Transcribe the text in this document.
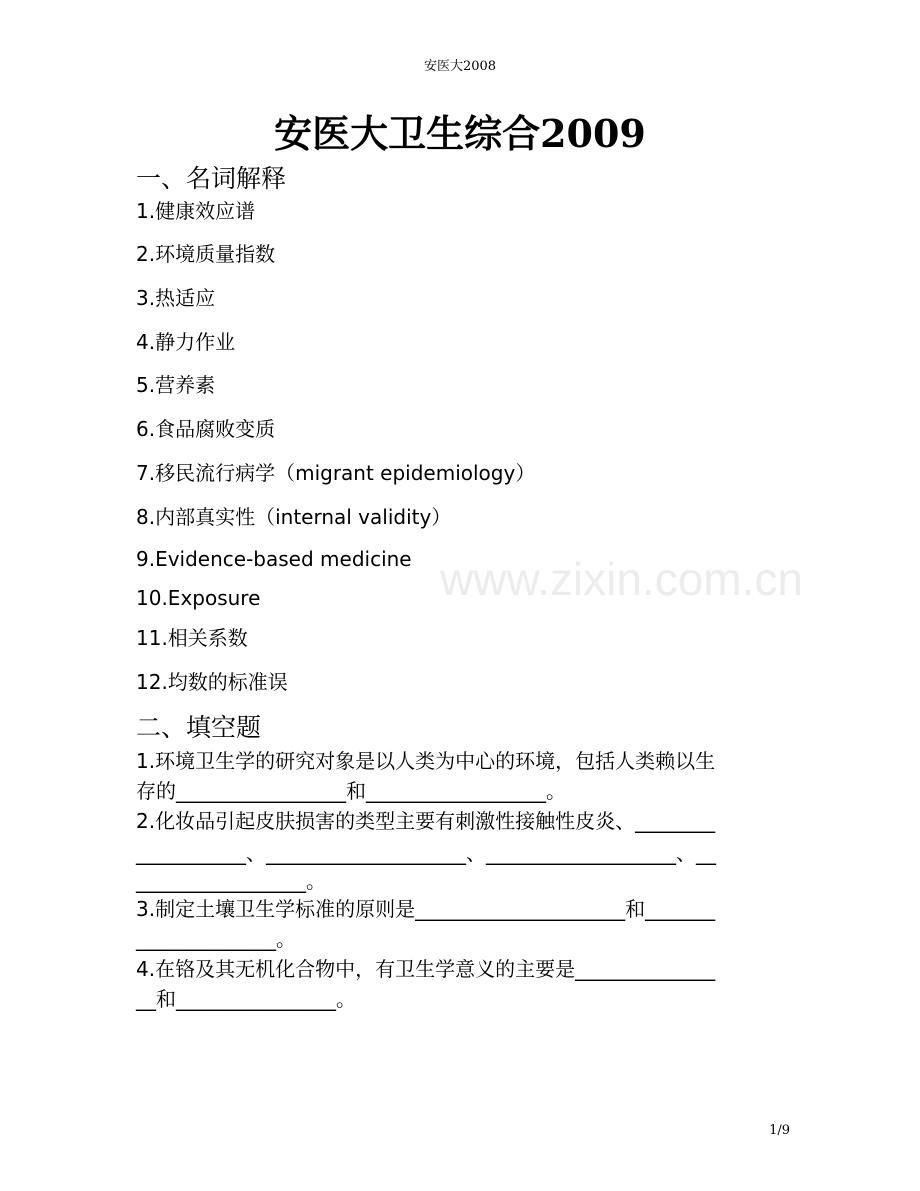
安医大2008
安医大卫生综合2009
www.zixin.com.cn
一、名词解释
1.健康效应谱
2.环境质量指数
3.热适应
4.静力作业
5.营养素
6.食品腐败变质
7.移民流行病学（migrant epidemiology）
8.内部真实性（internal validity）
9.Evidence-based medicine
10.Exposure
11.相关系数
12.均数的标准误
二、填空题
1.环境卫生学的研究对象是以人类为中心的环境，包括人类赖以生
存的_________________和__________________。
2.化妆品引起皮肤损害的类型主要有刺激性接触性皮炎、________
___________、____________________、___________________、__
_________________。
3.制定土壤卫生学标准的原则是_____________________和_______
______________。
4.在铬及其无机化合物中，有卫生学意义的主要是______________
__和________________。
1/9
